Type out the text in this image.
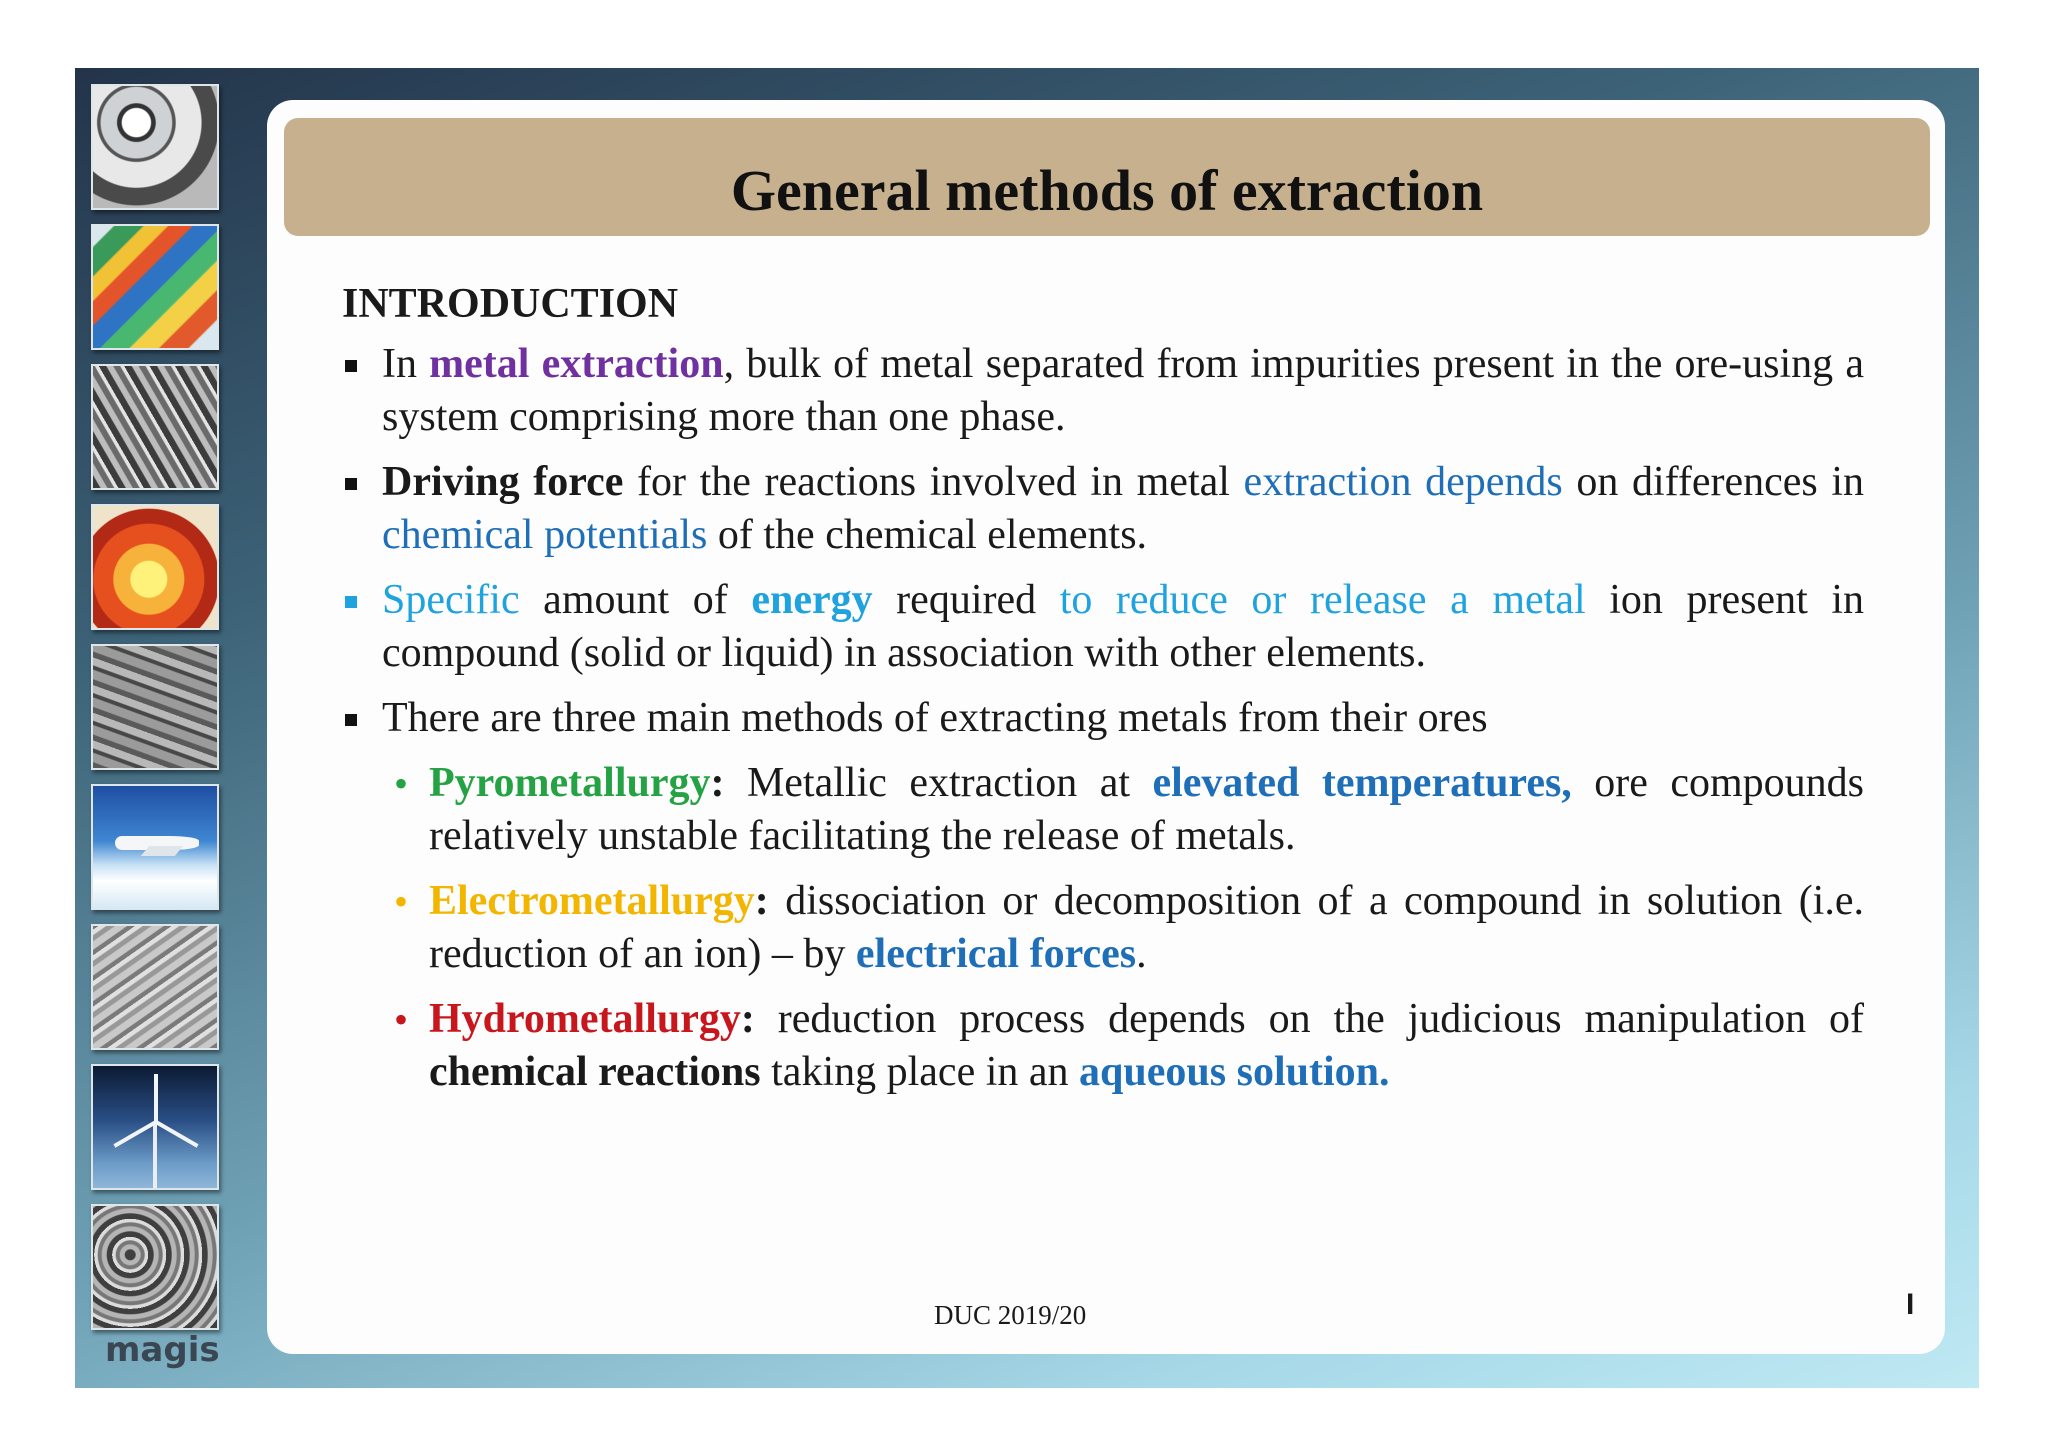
magis
General methods of extraction
INTRODUCTION
In metal extraction, bulk of metal separated from impurities present in the ore-using a system comprising more than one phase.
Driving force for the reactions involved in metal extraction depends on differences in chemical potentials of the chemical elements.
Specific amount of energy required to reduce or release a metal ion present in compound (solid or liquid) in association with other elements.
There are three main methods of extracting metals from their ores
• Pyrometallurgy: Metallic extraction at elevated temperatures, ore compounds relatively unstable facilitating the release of metals.
• Electrometallurgy: dissociation or decomposition of a compound in solution (i.e. reduction of an ion) – by electrical forces.
• Hydrometallurgy: reduction process depends on the judicious manipulation of chemical reactions taking place in an aqueous solution.
DUC 2019/20	I
